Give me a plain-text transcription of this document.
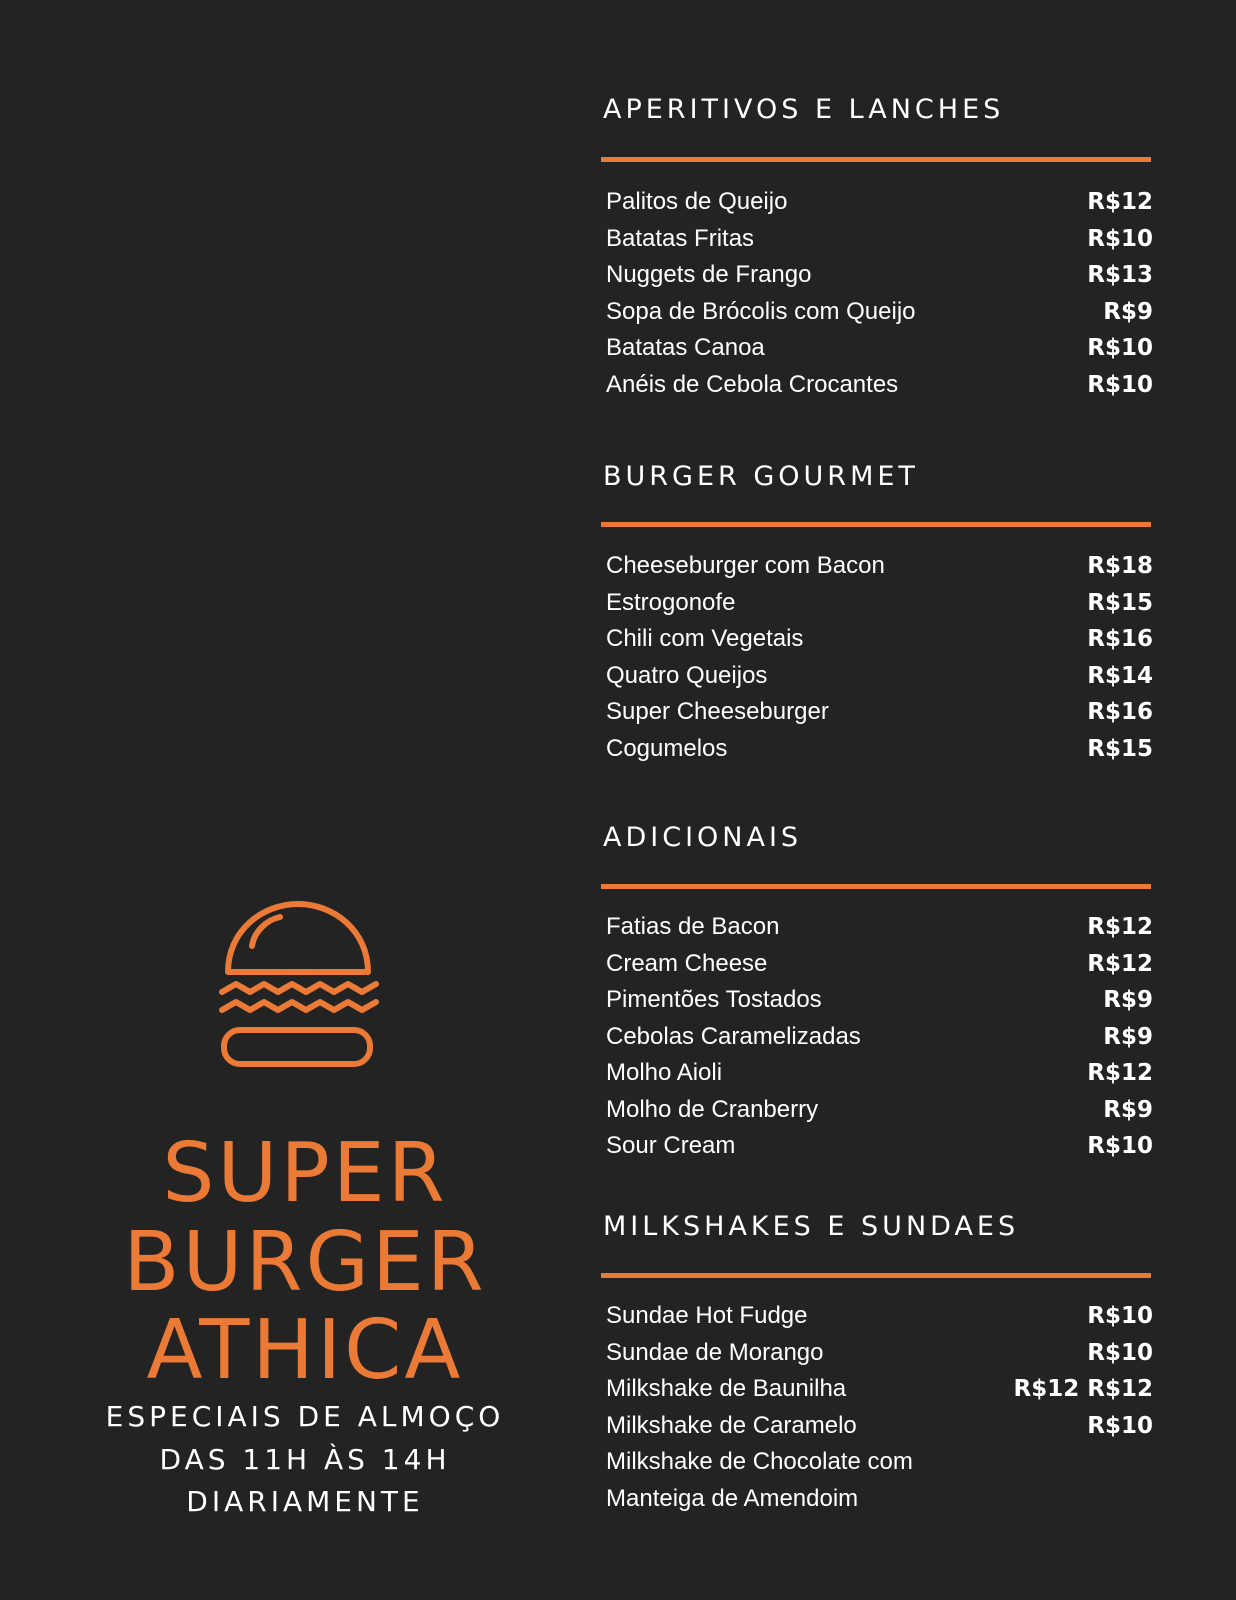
APERITIVOS E LANCHES
Palitos de Queijo	R$12
Batatas Fritas	R$10
Nuggets de Frango	R$13
Sopa de Brócolis com Queijo	R$9
Batatas Canoa	R$10
Anéis de Cebola Crocantes	R$10
BURGER GOURMET
Cheeseburger com Bacon	R$18
Estrogonofe	R$15
Chili com Vegetais	R$16
Quatro Queijos	R$14
Super Cheeseburger	R$16
Cogumelos	R$15
ADICIONAIS
Fatias de Bacon	R$12
Cream Cheese	R$12
Pimentões Tostados	R$9
Cebolas Caramelizadas	R$9
Molho Aioli	R$12
Molho de Cranberry	R$9
Sour Cream	R$10
MILKSHAKES E SUNDAES
Sundae Hot Fudge	R$10
Sundae de Morango	R$10
Milkshake de Baunilha	R$12 R$12
Milkshake de Caramelo	R$10
Milkshake de Chocolate com
Manteiga de Amendoim
SUPER
BURGER
ATHICA
ESPECIAIS DE ALMOÇO
DAS 11H ÀS 14H
DIARIAMENTE
